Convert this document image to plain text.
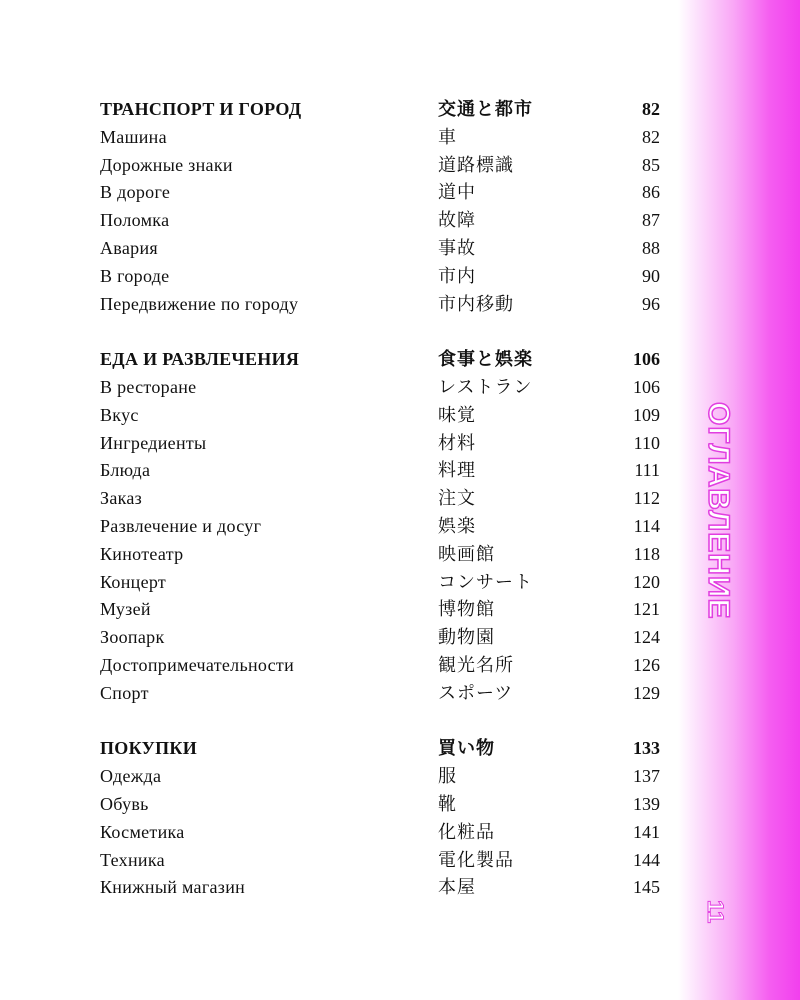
ОГЛАВЛЕНИЕ
11
ТРАНСПОРТ И ГОРОД	交通と都市	82
Машина	車	82
Дорожные знаки	道路標識	85
В дороге	道中	86
Поломка	故障	87
Авария	事故	88
В городе	市内	90
Передвижение по городу	市内移動	96
ЕДА И РАЗВЛЕЧЕНИЯ	食事と娯楽	106
В ресторане	レストラン	106
Вкус	味覚	109
Ингредиенты	材料	110
Блюда	料理	111
Заказ	注文	112
Развлечение и досуг	娯楽	114
Кинотеатр	映画館	118
Концерт	コンサート	120
Музей	博物館	121
Зоопарк	動物園	124
Достопримечательности	観光名所	126
Спорт	スポーツ	129
ПОКУПКИ	買い物	133
Одежда	服	137
Обувь	靴	139
Косметика	化粧品	141
Техника	電化製品	144
Книжный магазин	本屋	145
